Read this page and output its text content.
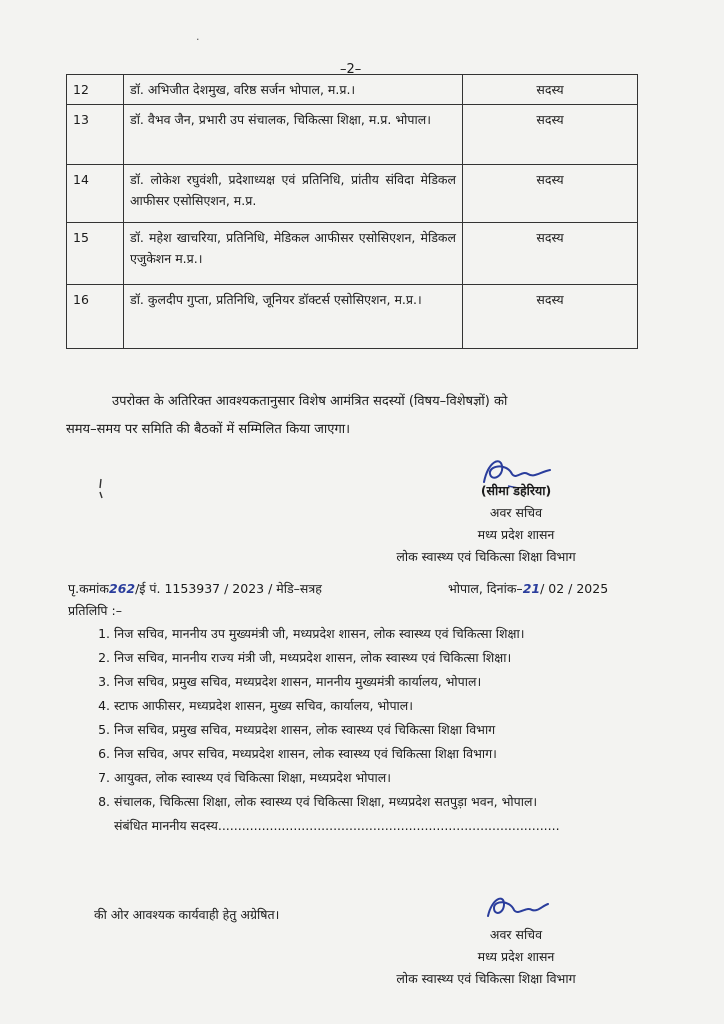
.
–2–
12	डॉ. अभिजीत देशमुख, वरिष्ठ सर्जन भोपाल, म.प्र.।	सदस्य
13	डॉ. वैभव जैन, प्रभारी उप संचालक, चिकित्सा शिक्षा, म.प्र. भोपाल।	सदस्य
14	डॉ. लोकेश रघुवंशी, प्रदेशाध्यक्ष एवं प्रतिनिधि, प्रांतीय संविदा मेडिकल आफीसर एसोसिएशन, म.प्र.	सदस्य
15	डॉ. महेश खाचरिया, प्रतिनिधि, मेडिकल आफीसर एसोसिएशन, मेडिकल एजुकेशन म.प्र.।	सदस्य
16	डॉ. कुलदीप गुप्ता, प्रतिनिधि, जूनियर डॉक्टर्स एसोसिएशन, म.प्र.।	सदस्य
उपरोक्त के अतिरिक्त आवश्यकतानुसार विशेष आमंत्रित सदस्यों (विषय–विशेषज्ञों) को
समय–समय पर समिति की बैठकों में सम्मिलित किया जाएगा।
(सीमा डहेरिया)
अवर सचिव
मध्य प्रदेश शासन
लोक स्वास्थ्य एवं चिकित्सा शिक्षा विभाग
पृ.कमांक262/ई पं. 1153937 / 2023 / मेडि–सत्रह	भोपाल, दिनांक–21/ 02 / 2025
प्रतिलिपि :–
1. निज सचिव, माननीय उप मुख्यमंत्री जी, मध्यप्रदेश शासन, लोक स्वास्थ्य एवं चिकित्सा शिक्षा।
2. निज सचिव, माननीय राज्य मंत्री जी, मध्यप्रदेश शासन, लोक स्वास्थ्य एवं चिकित्सा शिक्षा।
3. निज सचिव, प्रमुख सचिव, मध्यप्रदेश शासन, माननीय मुख्यमंत्री कार्यालय, भोपाल।
4. स्टाफ आफीसर, मध्यप्रदेश शासन, मुख्य सचिव, कार्यालय, भोपाल।
5. निज सचिव, प्रमुख सचिव, मध्यप्रदेश शासन, लोक स्वास्थ्य एवं चिकित्सा शिक्षा विभाग
6. निज सचिव, अपर सचिव, मध्यप्रदेश शासन, लोक स्वास्थ्य एवं चिकित्सा शिक्षा विभाग।
7. आयुक्त, लोक स्वास्थ्य एवं चिकित्सा शिक्षा, मध्यप्रदेश भोपाल।
8. संचालक, चिकित्सा शिक्षा, लोक स्वास्थ्य एवं चिकित्सा शिक्षा, मध्यप्रदेश सतपुड़ा भवन, भोपाल।
9. संबंधित माननीय सदस्य......................................................................................
की ओर आवश्यक कार्यवाही हेतु अग्रेषित।
अवर सचिव
मध्य प्रदेश शासन
लोक स्वास्थ्य एवं चिकित्सा शिक्षा विभाग
